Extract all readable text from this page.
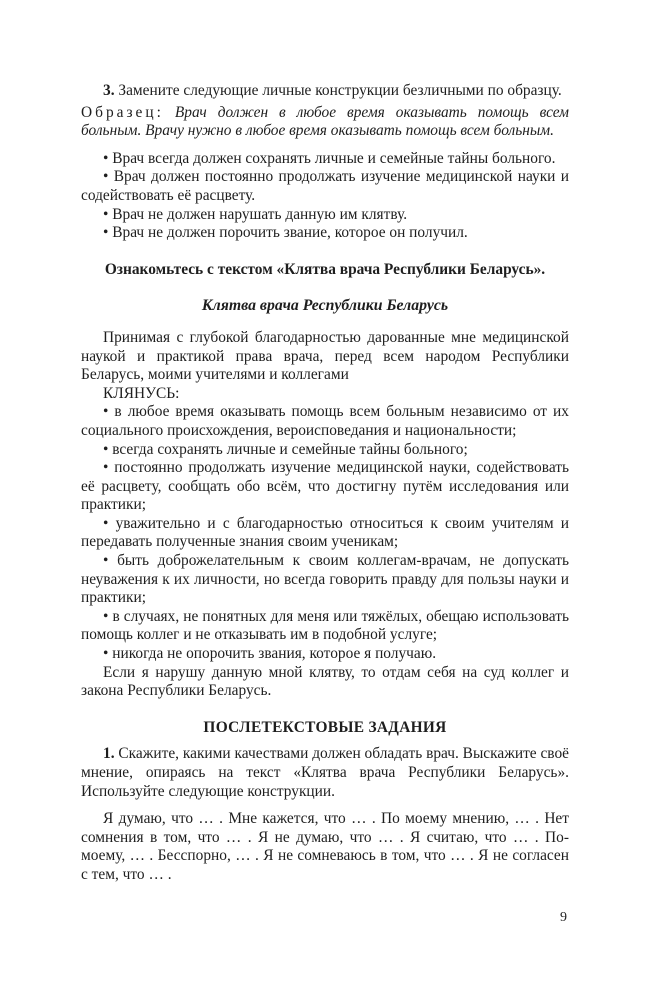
3. Замените следующие личные конструкции безличными по образцу.

Образец: Врач должен в любое время оказывать помощь всем больным. Врачу нужно в любое время оказывать помощь всем больным.

• Врач всегда должен сохранять личные и семейные тайны больного.

• Врач должен постоянно продолжать изучение медицинской науки и содействовать её расцвету.

• Врач не должен нарушать данную им клятву.

• Врач не должен порочить звание, которое он получил.

Ознакомьтесь с текстом «Клятва врача Республики Беларусь».

Клятва врача Республики Беларусь

Принимая с глубокой благодарностью дарованные мне медицинской наукой и практикой права врача, перед всем народом Республики Беларусь, моими учителями и коллегами

КЛЯНУСЬ:

• в любое время оказывать помощь всем больным независимо от их социального происхождения, вероисповедания и национальности;

• всегда сохранять личные и семейные тайны больного;

• постоянно продолжать изучение медицинской науки, содействовать её расцвету, сообщать обо всём, что достигну путём исследования или практики;

• уважительно и с благодарностью относиться к своим учителям и передавать полученные знания своим ученикам;

• быть доброжелательным к своим коллегам-врачам, не допускать неуважения к их личности, но всегда говорить правду для пользы науки и практики;

• в случаях, не понятных для меня или тяжёлых, обещаю использовать помощь коллег и не отказывать им в подобной услуге;

• никогда не опорочить звания, которое я получаю.

Если я нарушу данную мной клятву, то отдам себя на суд коллег и закона Республики Беларусь.

ПОСЛЕТЕКСТОВЫЕ ЗАДАНИЯ

1. Скажите, какими качествами должен обладать врач. Выскажите своё мнение, опираясь на текст «Клятва врача Республики Беларусь». Используйте следующие конструкции.

Я думаю, что … . Мне кажется, что … . По моему мнению, … . Нет сомнения в том, что … . Я не думаю, что … . Я считаю, что … . По-моему, … . Бесспорно, … . Я не сомневаюсь в том, что … . Я не согласен с тем, что … .

9
